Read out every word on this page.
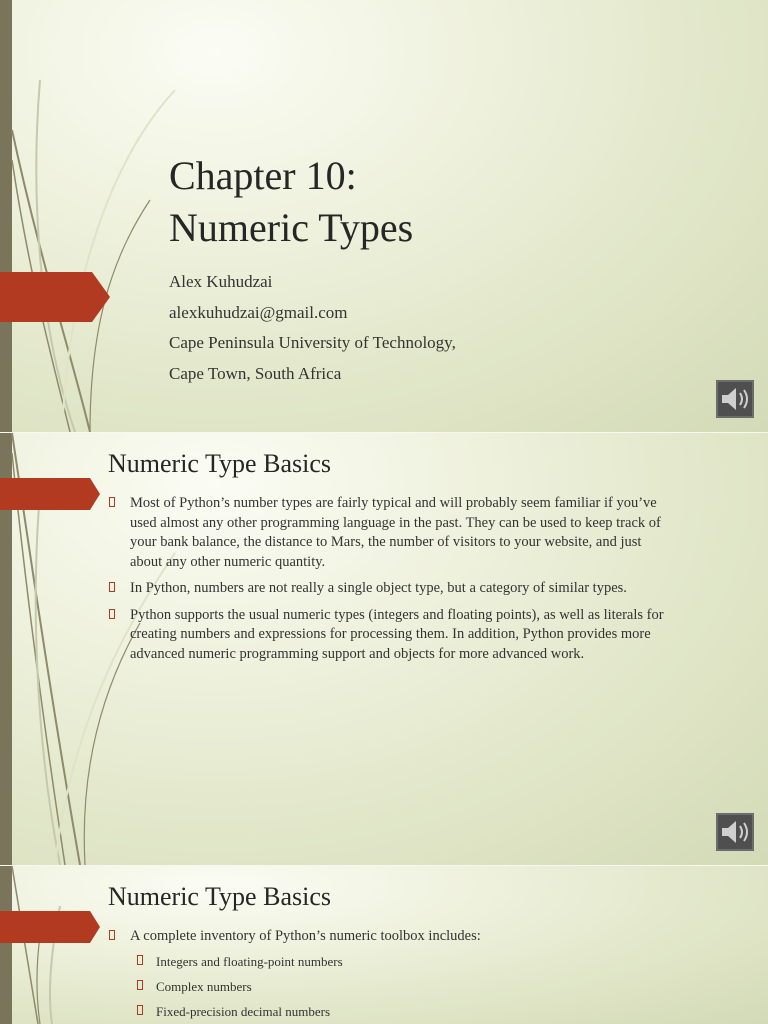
Chapter 10:
Numeric Types
Alex Kuhudzai
alexkuhudzai@gmail.com
Cape Peninsula University of Technology,
Cape Town, South Africa
Numeric Type Basics
Most of Python’s number types are fairly typical and will probably seem familiar if you’ve used almost any other programming language in the past. They can be used to keep track of your bank balance, the distance to Mars, the number of visitors to your website, and just about any other numeric quantity.
In Python, numbers are not really a single object type, but a category of similar types.
Python supports the usual numeric types (integers and floating points), as well as literals for creating numbers and expressions for processing them. In addition, Python provides more advanced numeric programming support and objects for more advanced work.
Numeric Type Basics
A complete inventory of Python’s numeric toolbox includes:
Integers and floating-point numbers
Complex numbers
Fixed-precision decimal numbers
